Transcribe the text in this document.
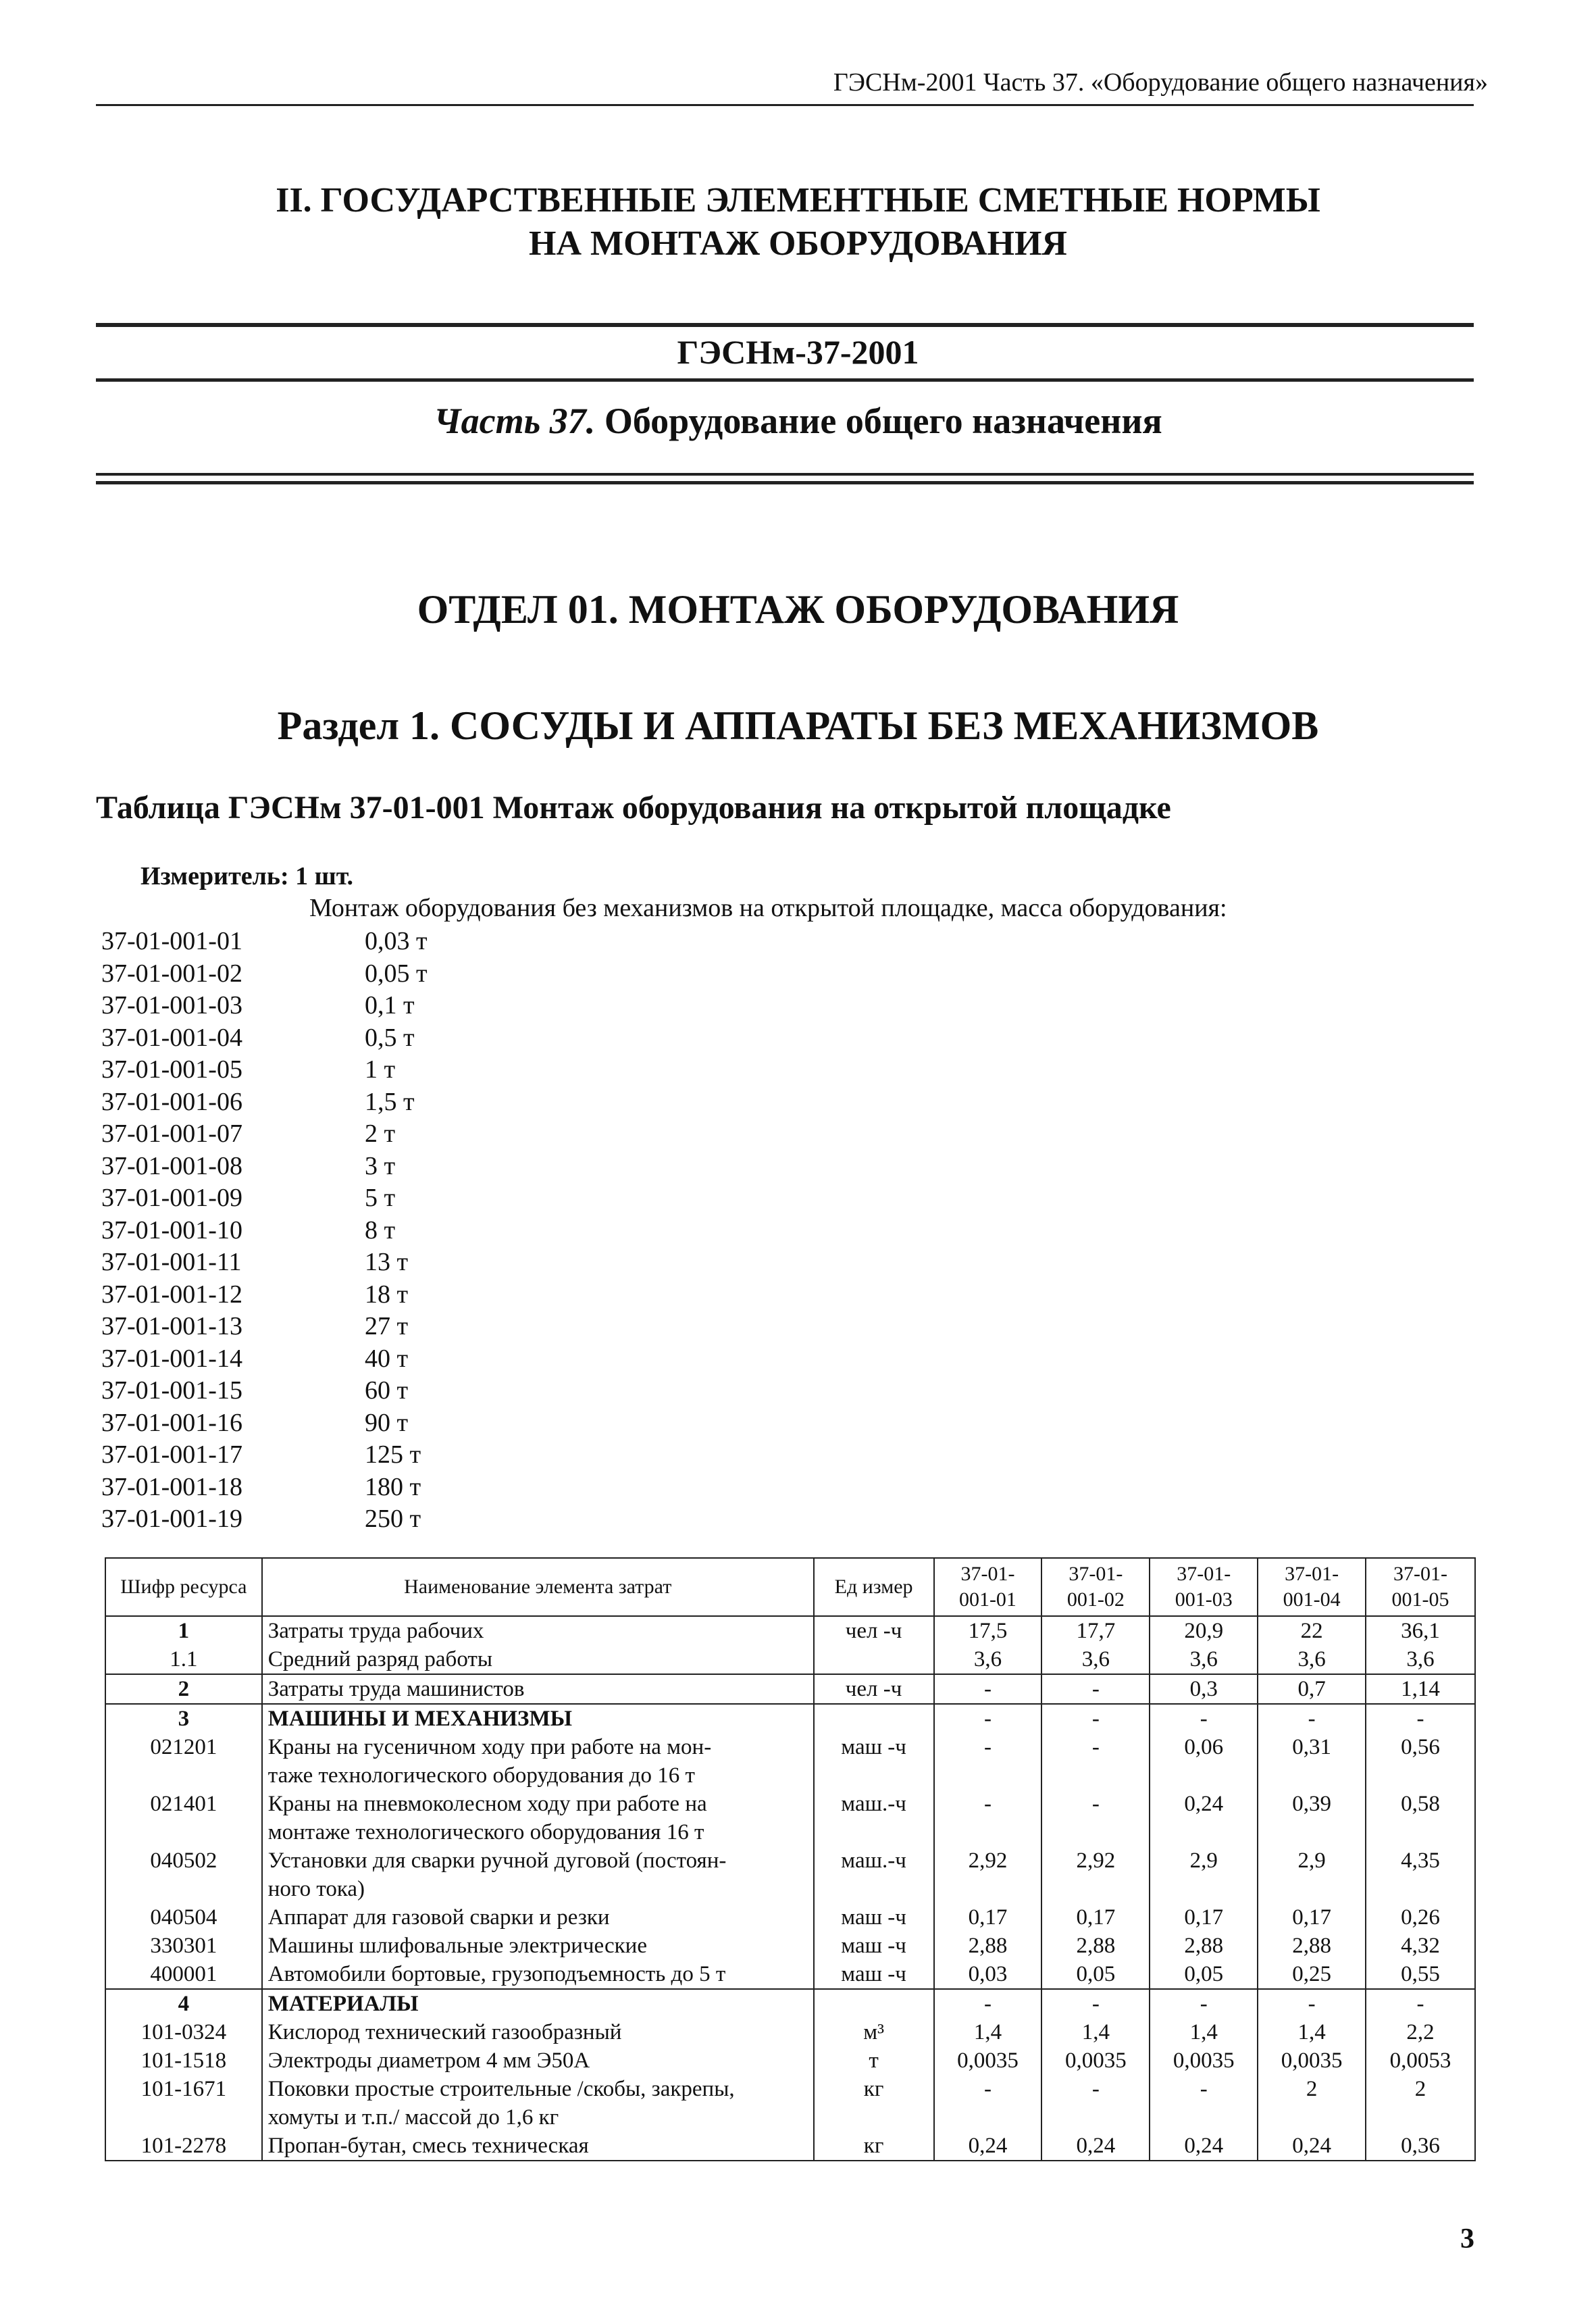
ГЭСНм-2001 Часть 37. «Оборудование общего назначения»
II. ГОСУДАРСТВЕННЫЕ ЭЛЕМЕНТНЫЕ СМЕТНЫЕ НОРМЫ
НА МОНТАЖ ОБОРУДОВАНИЯ
ГЭСНм-37-2001
Часть 37. Оборудование общего назначения
ОТДЕЛ 01. МОНТАЖ ОБОРУДОВАНИЯ
Раздел 1. СОСУДЫ И АППАРАТЫ БЕЗ МЕХАНИЗМОВ
Таблица ГЭСНм 37-01-001 Монтаж оборудования на открытой площадке
Измеритель: 1 шт.
Монтаж оборудования без механизмов на открытой площадке, масса оборудования:
37-01-001-01	0,03 т
37-01-001-02	0,05 т
37-01-001-03	0,1 т
37-01-001-04	0,5 т
37-01-001-05	1 т
37-01-001-06	1,5 т
37-01-001-07	2 т
37-01-001-08	3 т
37-01-001-09	5 т
37-01-001-10	8 т
37-01-001-11	13 т
37-01-001-12	18 т
37-01-001-13	27 т
37-01-001-14	40 т
37-01-001-15	60 т
37-01-001-16	90 т
37-01-001-17	125 т
37-01-001-18	180 т
37-01-001-19	250 т
Шифр ресурса	Наименование элемента затрат	Ед измер	37-01-
001-01	37-01-
001-02	37-01-
001-03	37-01-
001-04	37-01-
001-05
1	Затраты труда рабочих	чел -ч	17,5	17,7	20,9	22	36,1
1.1	Средний разряд работы		3,6	3,6	3,6	3,6	3,6
2	Затраты труда машинистов	чел -ч	-	-	0,3	0,7	1,14
3	МАШИНЫ И МЕХАНИЗМЫ		-	-	-	-	-
021201	Краны на гусеничном ходу при работе на мон-
таже технологического оборудования до 16 т	маш -ч	-	-	0,06	0,31	0,56
021401	Краны на пневмоколесном ходу при работе на
монтаже технологического оборудования 16 т	маш.-ч	-	-	0,24	0,39	0,58
040502	Установки для сварки ручной дуговой (постоян-
ного тока)	маш.-ч	2,92	2,92	2,9	2,9	4,35
040504	Аппарат для газовой сварки и резки	маш -ч	0,17	0,17	0,17	0,17	0,26
330301	Машины шлифовальные электрические	маш -ч	2,88	2,88	2,88	2,88	4,32
400001	Автомобили бортовые, грузоподъемность до 5 т	маш -ч	0,03	0,05	0,05	0,25	0,55
4	МАТЕРИАЛЫ		-	-	-	-	-
101-0324	Кислород технический газообразный	м³	1,4	1,4	1,4	1,4	2,2
101-1518	Электроды диаметром 4 мм Э50А	т	0,0035	0,0035	0,0035	0,0035	0,0053
101-1671	Поковки простые строительные /скобы, закрепы,
хомуты и т.п./ массой до 1,6 кг	кг	-	-	-	2	2
101-2278	Пропан-бутан, смесь техническая	кг	0,24	0,24	0,24	0,24	0,36
3
